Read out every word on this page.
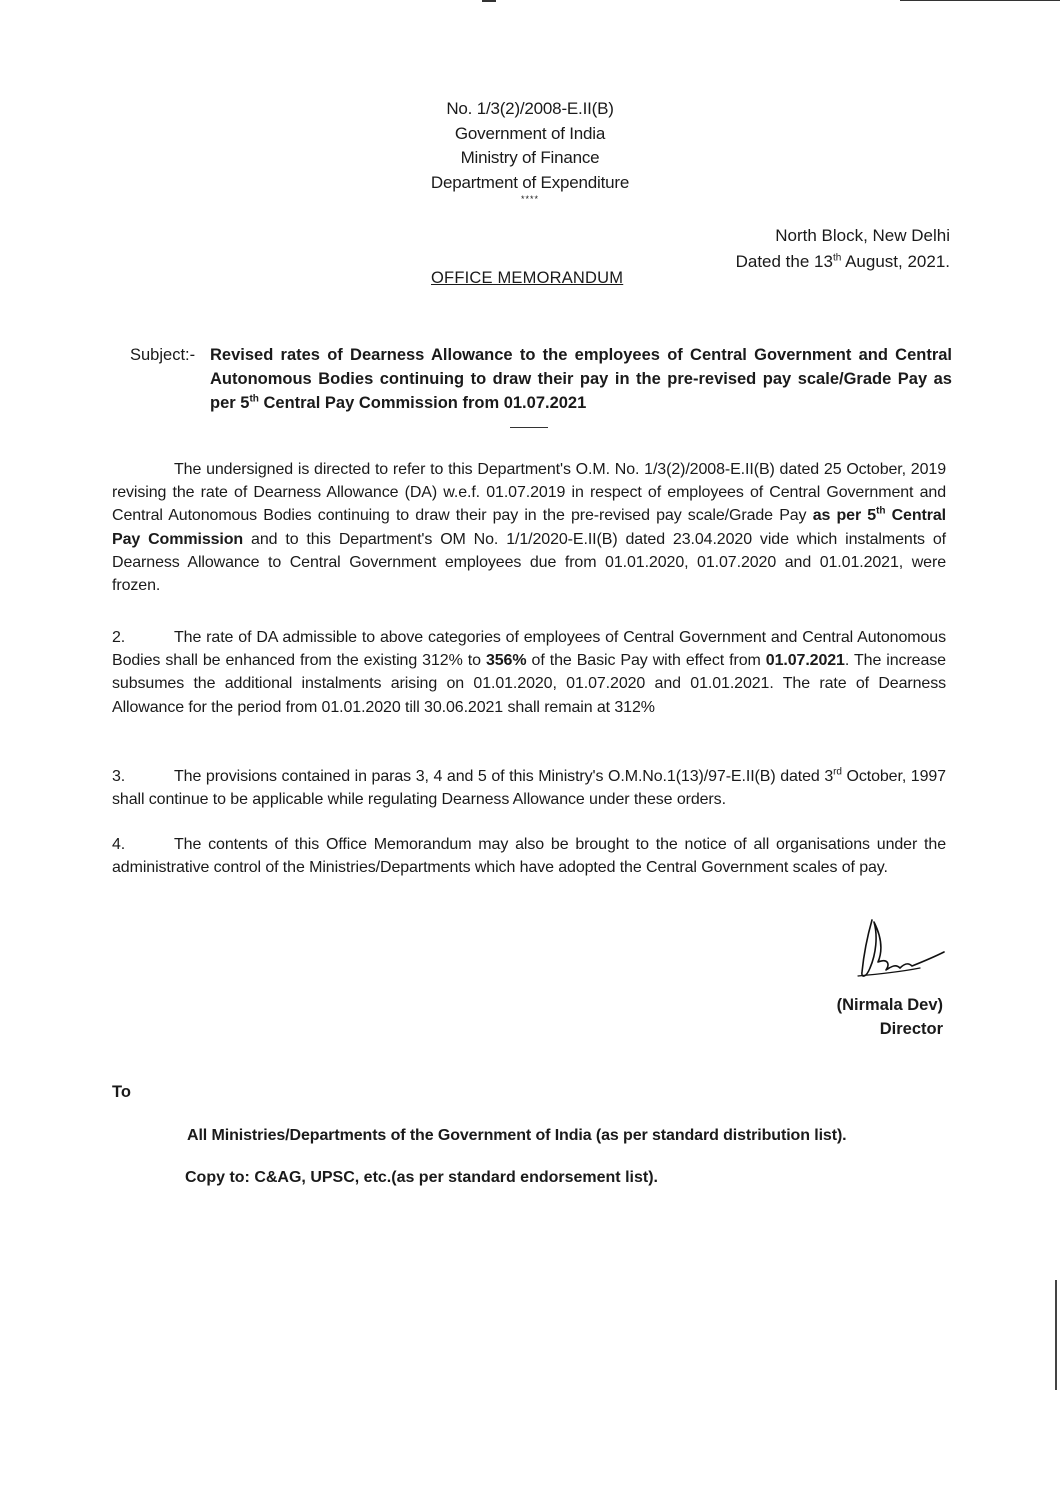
No. 1/3(2)/2008-E.II(B)
Government of India
Ministry of Finance
Department of Expenditure
****
North Block, New Delhi
Dated the 13th August, 2021.
OFFICE MEMORANDUM
Subject:- Revised rates of Dearness Allowance to the employees of Central Government and Central Autonomous Bodies continuing to draw their pay in the pre-revised pay scale/Grade Pay as per 5th Central Pay Commission from 01.07.2021
The undersigned is directed to refer to this Department's O.M. No. 1/3(2)/2008-E.II(B) dated 25 October, 2019 revising the rate of Dearness Allowance (DA) w.e.f. 01.07.2019 in respect of employees of Central Government and Central Autonomous Bodies continuing to draw their pay in the pre-revised pay scale/Grade Pay as per 5th Central Pay Commission and to this Department's OM No. 1/1/2020-E.II(B) dated 23.04.2020 vide which instalments of Dearness Allowance to Central Government employees due from 01.01.2020, 01.07.2020 and 01.01.2021, were frozen.
2.	The rate of DA admissible to above categories of employees of Central Government and Central Autonomous Bodies shall be enhanced from the existing 312% to 356% of the Basic Pay with effect from 01.07.2021. The increase subsumes the additional instalments arising on 01.01.2020, 01.07.2020 and 01.01.2021. The rate of Dearness Allowance for the period from 01.01.2020 till 30.06.2021 shall remain at 312%
3.	The provisions contained in paras 3, 4 and 5 of this Ministry's O.M.No.1(13)/97-E.II(B) dated 3rd October, 1997 shall continue to be applicable while regulating Dearness Allowance under these orders.
4.	The contents of this Office Memorandum may also be brought to the notice of all organisations under the administrative control of the Ministries/Departments which have adopted the Central Government scales of pay.
(Nirmala Dev)
Director
To
All Ministries/Departments of the Government of India (as per standard distribution list).
Copy to: C&AG, UPSC, etc.(as per standard endorsement list).
